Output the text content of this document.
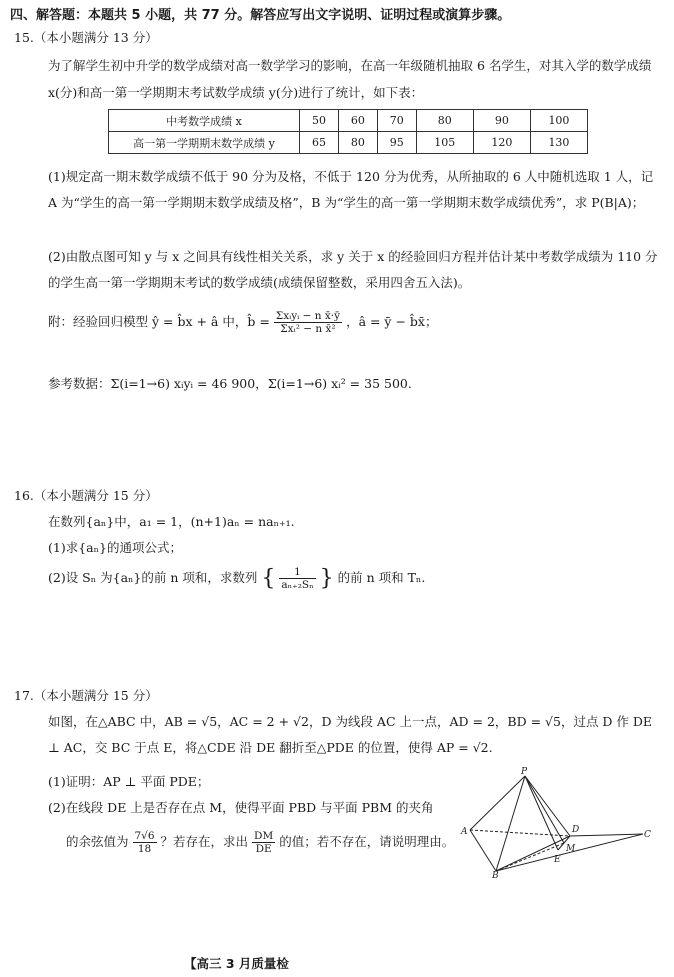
四、解答题：本题共 5 小题，共 77 分。解答应写出文字说明、证明过程或演算步骤。
15.（本小题满分 13 分）
为了解学生初中升学的数学成绩对高一数学学习的影响，在高一年级随机抽取 6 名学生，对其入学的数学成绩 x(分)和高一第一学期期末考试数学成绩 y(分)进行了统计，如下表：
中考数学成绩 x	50	60	70	80	90	100
高一第一学期期末数学成绩 y	65	80	95	105	120	130
(1)规定高一期末数学成绩不低于 90 分为及格，不低于 120 分为优秀，从所抽取的 6 人中随机选取 1 人，记 A 为“学生的高一第一学期期末数学成绩及格”，B 为“学生的高一第一学期期末数学成绩优秀”，求 P(B|A)；
(2)由散点图可知 y 与 x 之间具有线性相关关系，求 y 关于 x 的经验回归方程并估计某中考数学成绩为 110 分的学生高一第一学期期末考试的数学成绩(成绩保留整数，采用四舍五入法)。
附：经验回归模型 ŷ = b̂x + â 中，b̂ = $\frac{\text{Σxᵢyᵢ − n x̄·ȳ}}{\text{Σxᵢ² − n x̄²}}$ ，â = ȳ − b̂x̄；
参考数据：Σ(i=1→6) xᵢyᵢ = 46 900，Σ(i=1→6) xᵢ² = 35 500.
16.（本小题满分 15 分）
在数列{aₙ}中，a₁ = 1，(n+1)aₙ = naₙ₊₁.
(1)求{aₙ}的通项公式；
(2)设 Sₙ 为{aₙ}的前 n 项和，求数列 { $\frac{1}{\text{aₙ₊₂Sₙ}}$ } 的前 n 项和 Tₙ.
17.（本小题满分 15 分）
如图，在△ABC 中，AB = √5，AC = 2 + √2，D 为线段 AC 上一点，AD = 2，BD = √5，过点 D 作 DE ⊥ AC，交 BC 于点 E，将△CDE 沿 DE 翻折至△PDE 的位置，使得 AP = √2.
(1)证明：AP ⊥ 平面 PDE；
(2)在线段 DE 上是否存在点 M，使得平面 PBD 与平面 PBM 的夹角
的余弦值为 $\frac{7√6}{18}$ ？若存在，求出 $\frac{DM}{DE}$ 的值；若不存在，请说明理由。
P
A
B
C
D
E
M
【高三 3 月质量检
